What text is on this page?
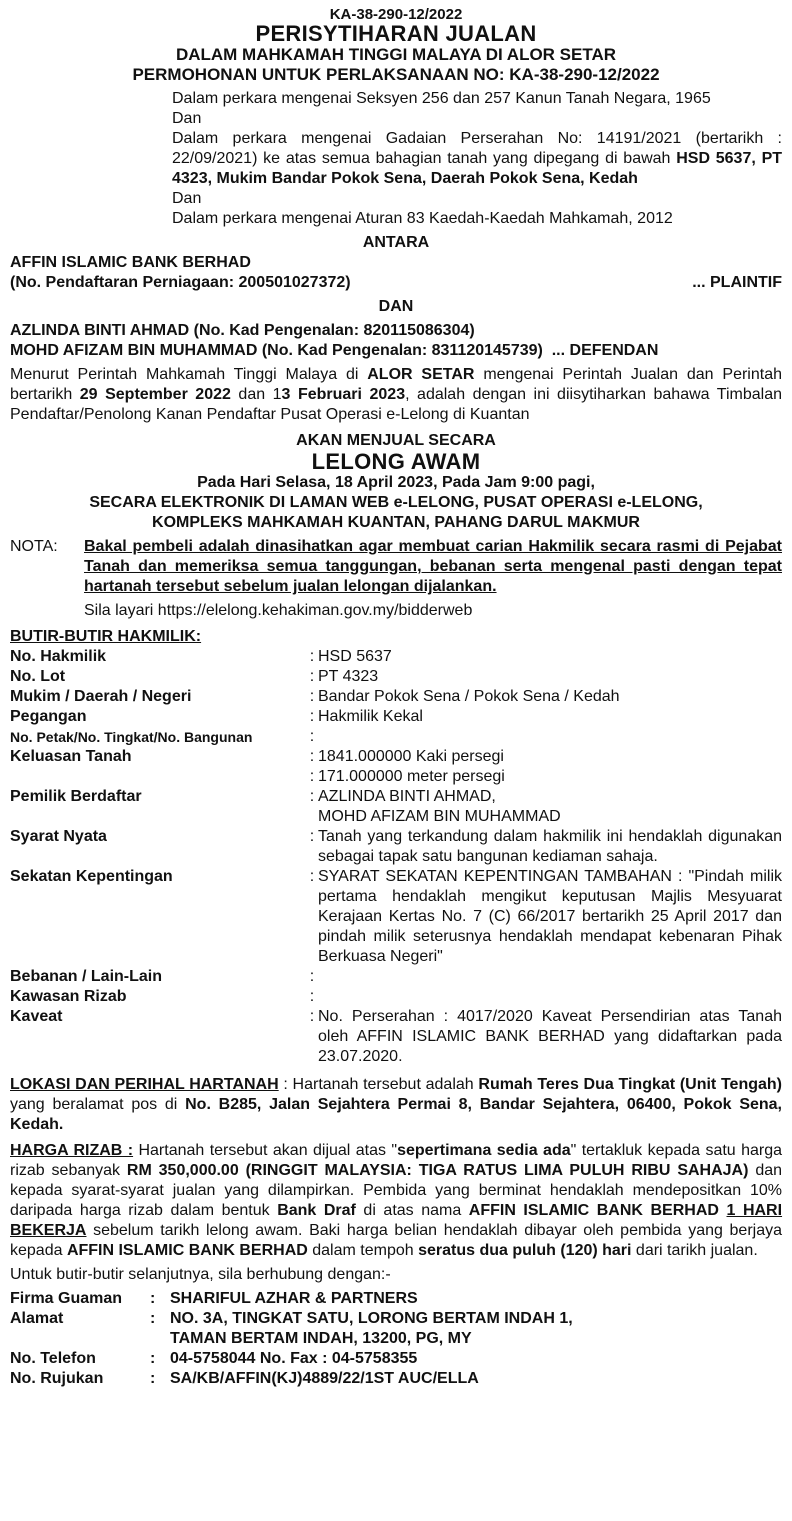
KA-38-290-12/2022
PERISYTIHARAN JUALAN
DALAM MAHKAMAH TINGGI MALAYA DI ALOR SETAR
PERMOHONAN UNTUK PERLAKSANAAN NO: KA-38-290-12/2022
Dalam perkara mengenai Seksyen 256 dan 257 Kanun Tanah Negara, 1965
Dan
Dalam perkara mengenai Gadaian Perserahan No: 14191/2021 (bertarikh : 22/09/2021) ke atas semua bahagian tanah yang dipegang di bawah HSD 5637, PT 4323, Mukim Bandar Pokok Sena, Daerah Pokok Sena, Kedah
Dan
Dalam perkara mengenai Aturan 83 Kaedah-Kaedah Mahkamah, 2012
ANTARA
AFFIN ISLAMIC BANK BERHAD
(No. Pendaftaran Perniagaan: 200501027372)	... PLAINTIF
DAN
AZLINDA BINTI AHMAD (No. Kad Pengenalan: 820115086304)
MOHD AFIZAM BIN MUHAMMAD (No. Kad Pengenalan: 831120145739) ... DEFENDAN
Menurut Perintah Mahkamah Tinggi Malaya di ALOR SETAR mengenai Perintah Jualan dan Perintah bertarikh 29 September 2022 dan 13 Februari 2023, adalah dengan ini diisytiharkan bahawa Timbalan Pendaftar/Penolong Kanan Pendaftar Pusat Operasi e-Lelong di Kuantan
AKAN MENJUAL SECARA
LELONG AWAM
Pada Hari Selasa, 18 April 2023, Pada Jam 9:00 pagi,
SECARA ELEKTRONIK DI LAMAN WEB e-LELONG, PUSAT OPERASI e-LELONG,
KOMPLEKS MAHKAMAH KUANTAN, PAHANG DARUL MAKMUR
NOTA:	Bakal pembeli adalah dinasihatkan agar membuat carian Hakmilik secara rasmi di Pejabat Tanah dan memeriksa semua tanggungan, bebanan serta mengenal pasti dengan tepat hartanah tersebut sebelum jualan lelongan dijalankan.
Sila layari https://elelong.kehakiman.gov.my/bidderweb
BUTIR-BUTIR HAKMILIK:
No. Hakmilik	: HSD 5637
No. Lot	: PT 4323
Mukim / Daerah / Negeri	: Bandar Pokok Sena / Pokok Sena / Kedah
Pegangan	: Hakmilik Kekal
No. Petak/No. Tingkat/No. Bangunan	:
Keluasan Tanah	: 1841.000000 Kaki persegi
: 171.000000 meter persegi
Pemilik Berdaftar	: AZLINDA BINTI AHMAD,
MOHD AFIZAM BIN MUHAMMAD
Syarat Nyata	: Tanah yang terkandung dalam hakmilik ini hendaklah digunakan sebagai tapak satu bangunan kediaman sahaja.
Sekatan Kepentingan	: SYARAT SEKATAN KEPENTINGAN TAMBAHAN : "Pindah milik pertama hendaklah mengikut keputusan Majlis Mesyuarat Kerajaan Kertas No. 7 (C) 66/2017 bertarikh 25 April 2017 dan pindah milik seterusnya hendaklah mendapat kebenaran Pihak Berkuasa Negeri"
Bebanan / Lain-Lain	:
Kawasan Rizab	:
Kaveat	: No. Perserahan : 4017/2020 Kaveat Persendirian atas Tanah oleh AFFIN ISLAMIC BANK BERHAD yang didaftarkan pada 23.07.2020.
LOKASI DAN PERIHAL HARTANAH : Hartanah tersebut adalah Rumah Teres Dua Tingkat (Unit Tengah) yang beralamat pos di No. B285, Jalan Sejahtera Permai 8, Bandar Sejahtera, 06400, Pokok Sena, Kedah.
HARGA RIZAB : Hartanah tersebut akan dijual atas "sepertimana sedia ada" tertakluk kepada satu harga rizab sebanyak RM 350,000.00 (RINGGIT MALAYSIA: TIGA RATUS LIMA PULUH RIBU SAHAJA) dan kepada syarat-syarat jualan yang dilampirkan. Pembida yang berminat hendaklah mendepositkan 10% daripada harga rizab dalam bentuk Bank Draf di atas nama AFFIN ISLAMIC BANK BERHAD 1 HARI BEKERJA sebelum tarikh lelong awam. Baki harga belian hendaklah dibayar oleh pembida yang berjaya kepada AFFIN ISLAMIC BANK BERHAD dalam tempoh seratus dua puluh (120) hari dari tarikh jualan.
Untuk butir-butir selanjutnya, sila berhubung dengan:-
Firma Guaman	: SHARIFUL AZHAR & PARTNERS
Alamat	: NO. 3A, TINGKAT SATU, LORONG BERTAM INDAH 1,
TAMAN BERTAM INDAH, 13200, PG, MY
No. Telefon	: 04-5758044 No. Fax : 04-5758355
No. Rujukan	: SA/KB/AFFIN(KJ)4889/22/1ST AUC/ELLA
